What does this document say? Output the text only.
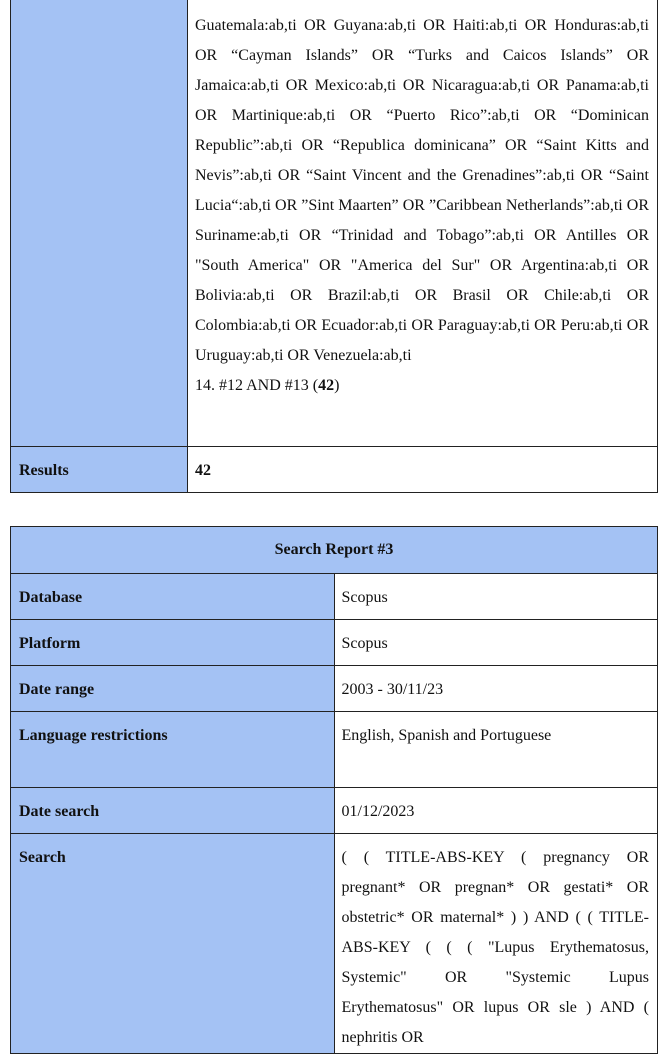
	Guatemala:ab,ti OR Guyana:ab,ti OR Haiti:ab,ti OR Honduras:ab,ti OR “Cayman Islands” OR “Turks and Caicos Islands” OR Jamaica:ab,ti OR Mexico:ab,ti OR Nicaragua:ab,ti OR Panama:ab,ti OR Martinique:ab,ti OR “Puerto Rico”:ab,ti OR “Dominican Republic”:ab,ti OR “Republica dominicana” OR “Saint Kitts and Nevis”:ab,ti OR “Saint Vincent and the Grenadines”:ab,ti OR “Saint Lucia“:ab,ti OR ”Sint Maarten” OR ”Caribbean Netherlands”:ab,ti OR Suriname:ab,ti OR “Trinidad and Tobago”:ab,ti OR Antilles OR "South America" OR "America del Sur" OR Argentina:ab,ti OR Bolivia:ab,ti OR Brazil:ab,ti OR Brasil OR Chile:ab,ti OR Colombia:ab,ti OR Ecuador:ab,ti OR Paraguay:ab,ti OR Peru:ab,ti OR Uruguay:ab,ti OR Venezuela:ab,ti
14. #12 AND #13 (42)

Results	42
Search Report #3	
Database	Scopus
Platform	Scopus
Date range	2003 - 30/11/23
Language restrictions	English, Spanish and Portuguese
Date search	01/12/2023
Search	( ( TITLE-ABS-KEY ( pregnancy OR pregnant* OR pregnan* OR gestati* OR obstetric* OR maternal* ) ) AND ( ( TITLE-ABS-KEY ( ( ( "Lupus Erythematosus, Systemic" OR "Systemic Lupus Erythematosus" OR lupus OR sle ) AND ( nephritis OR
